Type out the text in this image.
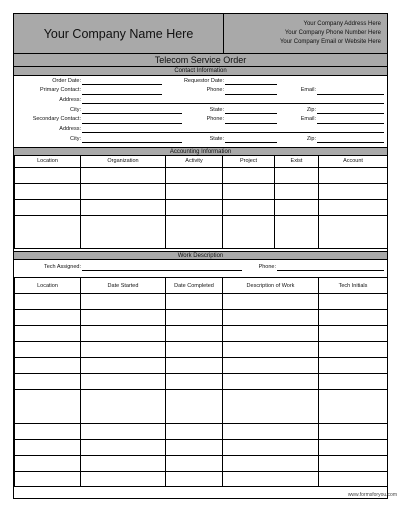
Your Company Name Here
Your Company Address Here
Your Company Phone Number Here
Your Company Email or Website Here
Telecom Service Order
Contact Information
Order Date:	Requestor Date:
Primary Contact:	Phone:	Email:
Address:
City:	State:	Zip:
Secondary Contact:	Phone:	Email:
Address:
City:	State:	Zip:
Accounting Information
Location	Organization	Activity	Project	Exist	Account

Work Description
Tech Assigned:	Phone:
Location	Date Started	Date Completed	Description of Work	Tech Initials

www.formsforyou.com
